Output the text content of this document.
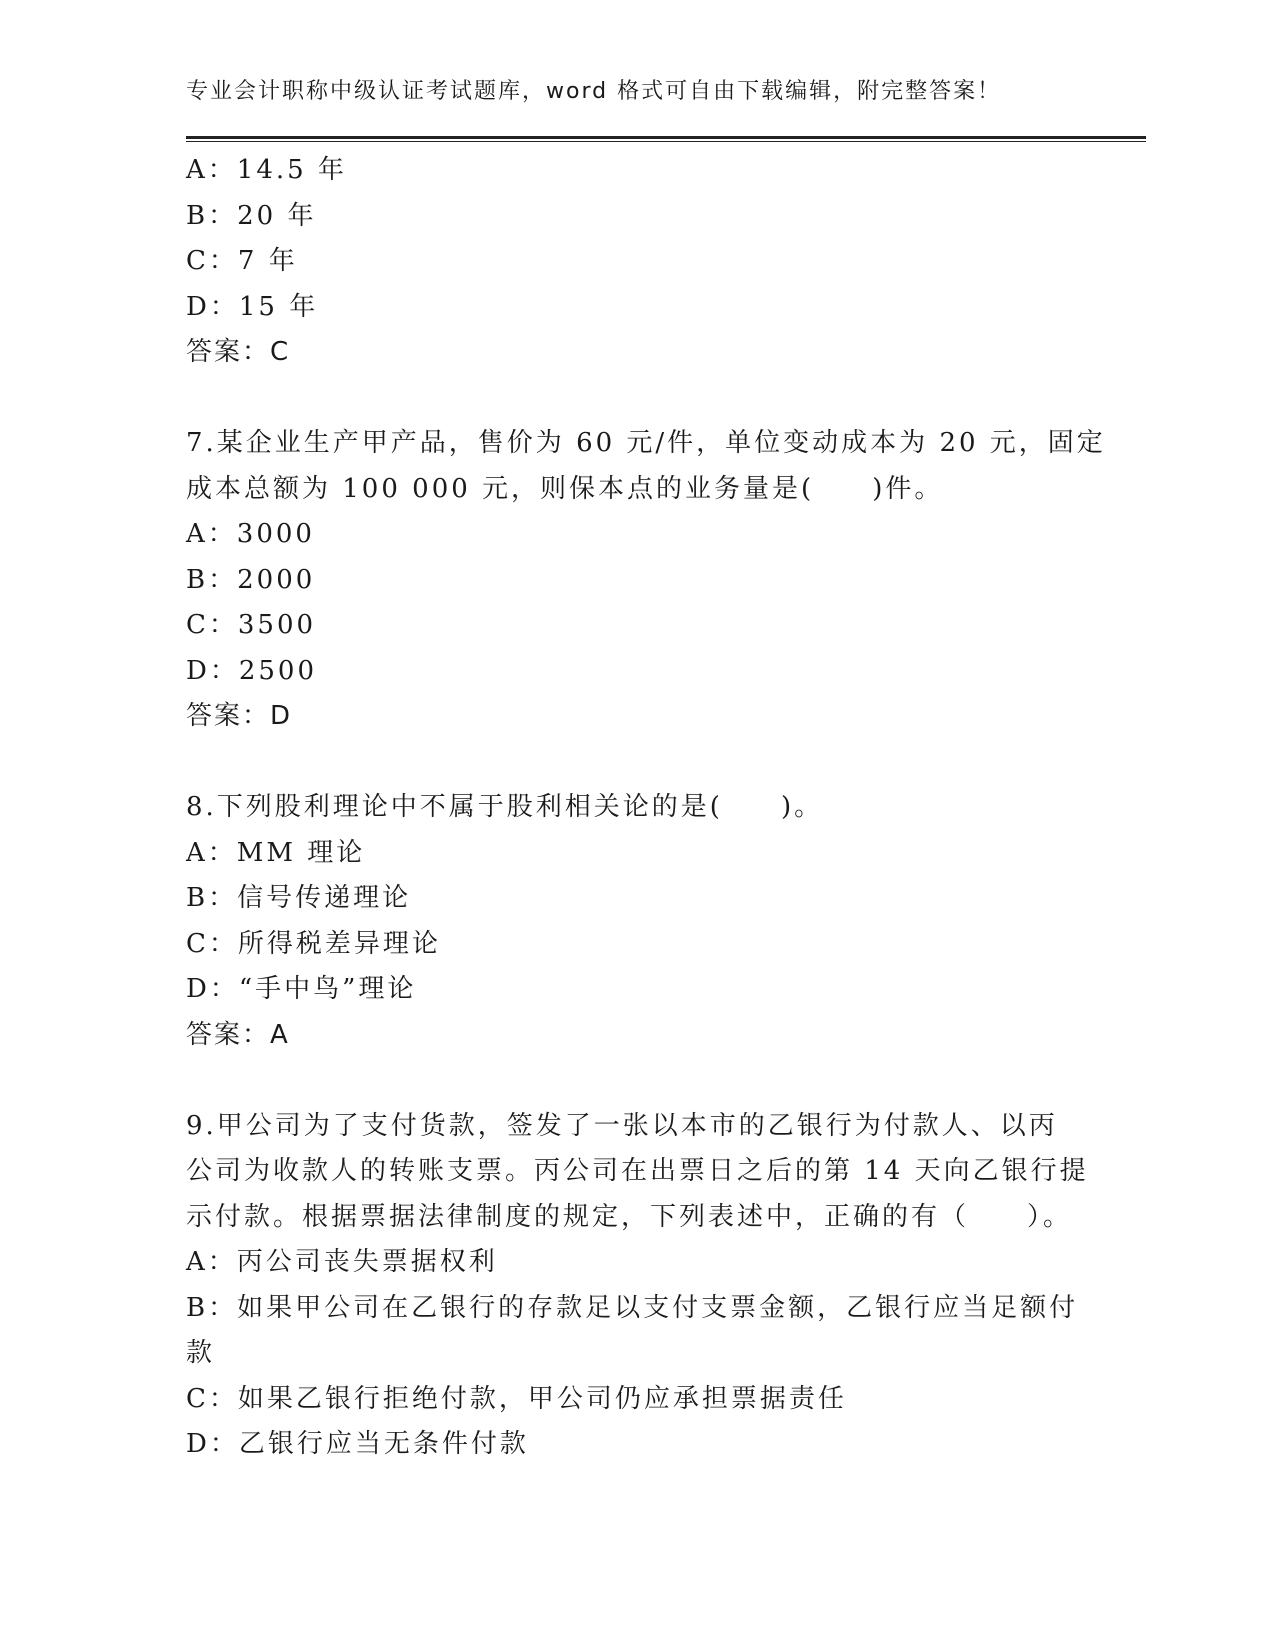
专业会计职称中级认证考试题库，word 格式可自由下载编辑，附完整答案！
A：14.5 年
B：20 年
C：7 年
D：15 年
答案：C
7.某企业生产甲产品，售价为 60 元/件，单位变动成本为 20 元，固定
成本总额为 100 000 元，则保本点的业务量是(　　)件。
A：3000
B：2000
C：3500
D：2500
答案：D
8.下列股利理论中不属于股利相关论的是(　　)。
A：MM 理论
B：信号传递理论
C：所得税差异理论
D：“手中鸟”理论
答案：A
9.甲公司为了支付货款，签发了一张以本市的乙银行为付款人、以丙
公司为收款人的转账支票。丙公司在出票日之后的第 14 天向乙银行提
示付款。根据票据法律制度的规定，下列表述中，正确的有（　　）。
A：丙公司丧失票据权利
B：如果甲公司在乙银行的存款足以支付支票金额，乙银行应当足额付
款
C：如果乙银行拒绝付款，甲公司仍应承担票据责任
D：乙银行应当无条件付款
